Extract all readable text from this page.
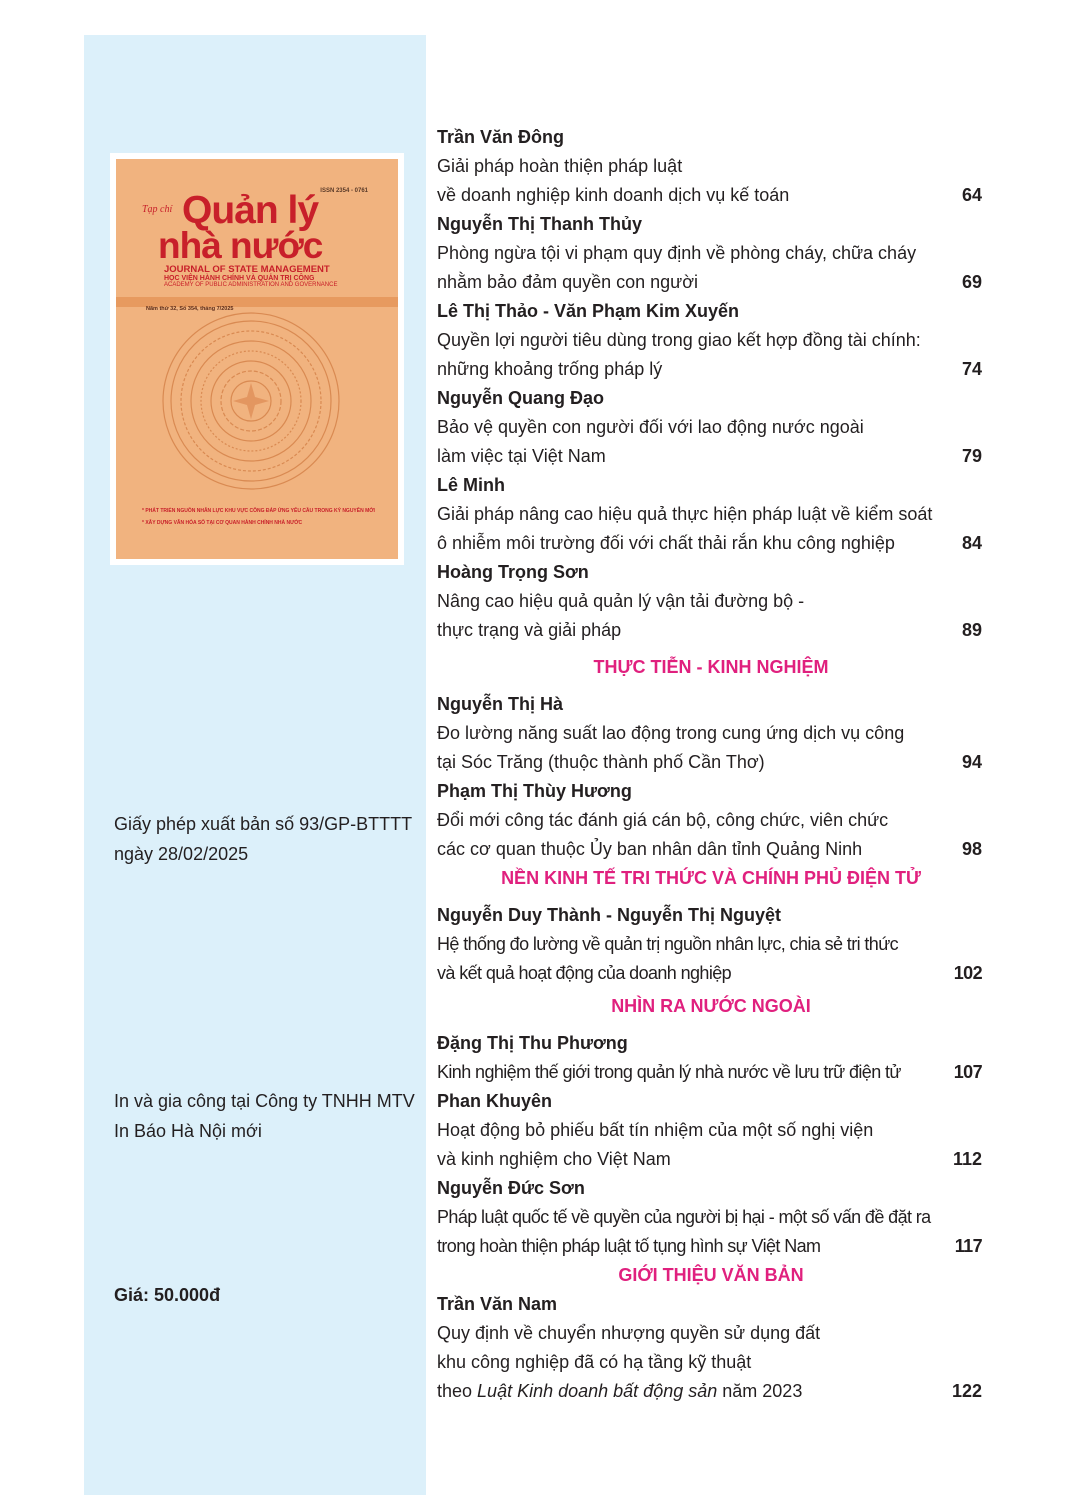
ISSN 2354 - 0761
Tạp chí Quản lý
nhà nước
JOURNAL OF STATE MANAGEMENT
HỌC VIỆN HÀNH CHÍNH VÀ QUẢN TRỊ CÔNG
ACADEMY OF PUBLIC ADMINISTRATION AND GOVERNANCE
Năm thứ 32, Số 354, tháng 7/2025
* PHÁT TRIỂN NGUỒN NHÂN LỰC KHU VỰC CÔNG ĐÁP ỨNG YÊU CẦU TRONG KỶ NGUYÊN MỚI
* XÂY DỰNG VĂN HÓA SỐ TẠI CƠ QUAN HÀNH CHÍNH NHÀ NƯỚC
Giấy phép xuất bản số 93/GP-BTTTT ngày 28/02/2025
In và gia công tại Công ty TNHH MTV In Báo Hà Nội mới
Giá: 50.000đ
Trần Văn Đông
Giải pháp hoàn thiện pháp luật
về doanh nghiệp kinh doanh dịch vụ kế toán	64
Nguyễn Thị Thanh Thủy
Phòng ngừa tội vi phạm quy định về phòng cháy, chữa cháy
nhằm bảo đảm quyền con người	69
Lê Thị Thảo - Văn Phạm Kim Xuyến
Quyền lợi người tiêu dùng trong giao kết hợp đồng tài chính:
những khoảng trống pháp lý	74
Nguyễn Quang Đạo
Bảo vệ quyền con người đối với lao động nước ngoài
làm việc tại Việt Nam	79
Lê Minh
Giải pháp nâng cao hiệu quả thực hiện pháp luật về kiểm soát
ô nhiễm môi trường đối với chất thải rắn khu công nghiệp	84
Hoàng Trọng Sơn
Nâng cao hiệu quả quản lý vận tải đường bộ -
thực trạng và giải pháp	89
THỰC TIỄN - KINH NGHIỆM
Nguyễn Thị Hà
Đo lường năng suất lao động trong cung ứng dịch vụ công
tại Sóc Trăng (thuộc thành phố Cần Thơ)	94
Phạm Thị Thùy Hương
Đổi mới công tác đánh giá cán bộ, công chức, viên chức
các cơ quan thuộc Ủy ban nhân dân tỉnh Quảng Ninh	98
NỀN KINH TẾ TRI THỨC VÀ CHÍNH PHỦ ĐIỆN TỬ
Nguyễn Duy Thành - Nguyễn Thị Nguyệt
Hệ thống đo lường về quản trị nguồn nhân lực, chia sẻ tri thức
và kết quả hoạt động của doanh nghiệp	102
NHÌN RA NƯỚC NGOÀI
Đặng Thị Thu Phương
Kinh nghiệm thế giới trong quản lý nhà nước về lưu trữ điện tử	107
Phan Khuyên
Hoạt động bỏ phiếu bất tín nhiệm của một số nghị viện
và kinh nghiệm cho Việt Nam	112
Nguyễn Đức Sơn
Pháp luật quốc tế về quyền của người bị hại - một số vấn đề đặt ra
trong hoàn thiện pháp luật tố tụng hình sự Việt Nam	117
GIỚI THIỆU VĂN BẢN
Trần Văn Nam
Quy định về chuyển nhượng quyền sử dụng đất
khu công nghiệp đã có hạ tầng kỹ thuật
theo Luật Kinh doanh bất động sản năm 2023	122
